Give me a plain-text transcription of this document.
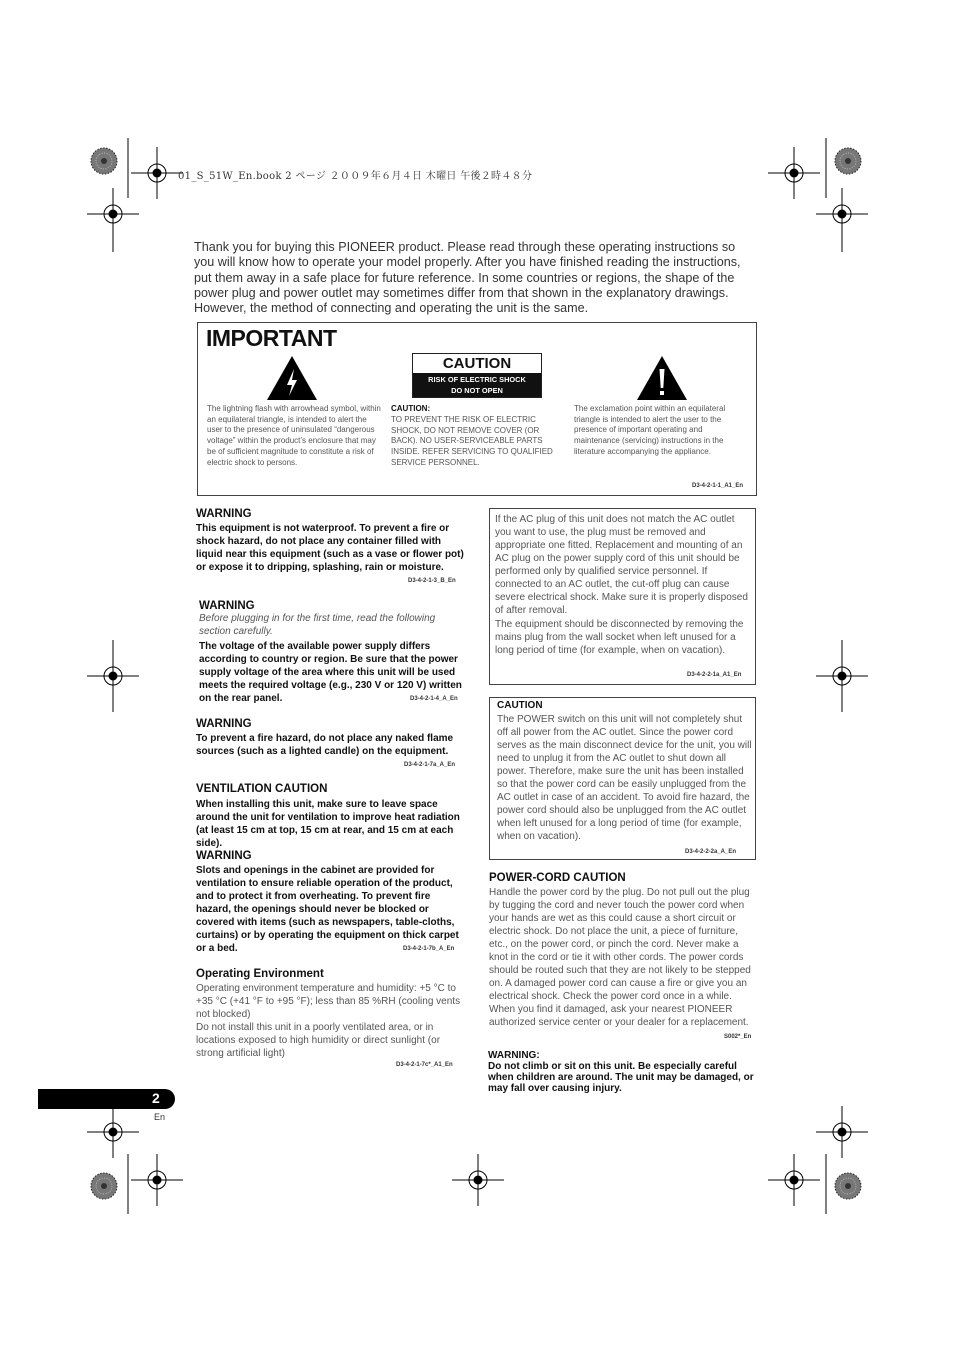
01_S_51W_En.book 2 ページ ２００９年６月４日 木曜日 午後２時４８分
Thank you for buying this PIONEER product. Please read through these operating instructions so you will know how to operate your model properly. After you have finished reading the instructions, put them away in a safe place for future reference. In some countries or regions, the shape of the power plug and power outlet may sometimes differ from that shown in the explanatory drawings. However, the method of connecting and operating the unit is the same.
IMPORTANT
The lightning flash with arrowhead symbol, within an equilateral triangle, is intended to alert the user to the presence of uninsulated “dangerous voltage” within the product’s enclosure that may be of sufficient magnitude to constitute a risk of electric shock to persons.
CAUTION
RISK OF ELECTRIC SHOCK
DO NOT OPEN
CAUTION:
TO PREVENT THE RISK OF ELECTRIC SHOCK, DO NOT REMOVE COVER (OR BACK). NO USER-SERVICEABLE PARTS INSIDE. REFER SERVICING TO QUALIFIED SERVICE PERSONNEL.
The exclamation point within an equilateral triangle is intended to alert the user to the presence of important operating and maintenance (servicing) instructions in the literature accompanying the appliance.
D3-4-2-1-1_A1_En
WARNING
This equipment is not waterproof. To prevent a fire or shock hazard, do not place any container filled with liquid near this equipment (such as a vase or flower pot) or expose it to dripping, splashing, rain or moisture.
D3-4-2-1-3_B_En
WARNING
Before plugging in for the first time, read the following section carefully.
The voltage of the available power supply differs according to country or region. Be sure that the power supply voltage of the area where this unit will be used meets the required voltage (e.g., 230 V or 120 V) written on the rear panel.	D3-4-2-1-4_A_En
WARNING
To prevent a fire hazard, do not place any naked flame sources (such as a lighted candle) on the equipment.
D3-4-2-1-7a_A_En
VENTILATION CAUTION
When installing this unit, make sure to leave space around the unit for ventilation to improve heat radiation (at least 15 cm at top, 15 cm at rear, and 15 cm at each side).
WARNING
Slots and openings in the cabinet are provided for ventilation to ensure reliable operation of the product, and to protect it from overheating. To prevent fire hazard, the openings should never be blocked or covered with items (such as newspapers, table-cloths, curtains) or by operating the equipment on thick carpet or a bed.	D3-4-2-1-7b_A_En
Operating Environment
Operating environment temperature and humidity: +5 °C to +35 °C (+41 °F to +95 °F); less than 85 %RH (cooling vents not blocked)
Do not install this unit in a poorly ventilated area, or in locations exposed to high humidity or direct sunlight (or strong artificial light)
D3-4-2-1-7c*_A1_En
If the AC plug of this unit does not match the AC outlet you want to use, the plug must be removed and appropriate one fitted. Replacement and mounting of an AC plug on the power supply cord of this unit should be performed only by qualified service personnel. If connected to an AC outlet, the cut-off plug can cause severe electrical shock. Make sure it is properly disposed of after removal.
The equipment should be disconnected by removing the mains plug from the wall socket when left unused for a long period of time (for example, when on vacation).
D3-4-2-2-1a_A1_En
CAUTION
The POWER switch on this unit will not completely shut off all power from the AC outlet. Since the power cord serves as the main disconnect device for the unit, you will need to unplug it from the AC outlet to shut down all power. Therefore, make sure the unit has been installed so that the power cord can be easily unplugged from the AC outlet in case of an accident. To avoid fire hazard, the power cord should also be unplugged from the AC outlet when left unused for a long period of time (for example, when on vacation).
D3-4-2-2-2a_A_En
POWER-CORD CAUTION
Handle the power cord by the plug. Do not pull out the plug by tugging the cord and never touch the power cord when your hands are wet as this could cause a short circuit or electric shock. Do not place the unit, a piece of furniture, etc., on the power cord, or pinch the cord. Never make a knot in the cord or tie it with other cords. The power cords should be routed such that they are not likely to be stepped on. A damaged power cord can cause a fire or give you an electrical shock. Check the power cord once in a while. When you find it damaged, ask your nearest PIONEER authorized service center or your dealer for a replacement.
S002*_En
WARNING:
Do not climb or sit on this unit. Be especially careful when children are around. The unit may be damaged, or may fall over causing injury.
2
En
